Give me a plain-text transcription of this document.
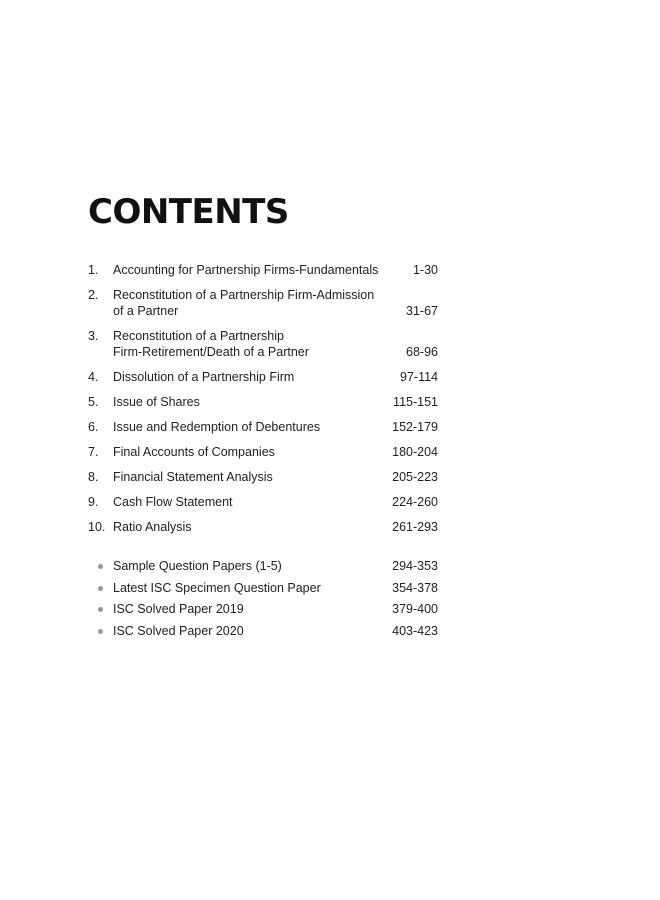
CONTENTS
1.	Accounting for Partnership Firms-Fundamentals	1-30
2.	Reconstitution of a Partnership Firm-Admission
of a Partner	31-67
3.	Reconstitution of a Partnership
Firm-Retirement/Death of a Partner	68-96
4.	Dissolution of a Partnership Firm	97-114
5.	Issue of Shares	115-151
6.	Issue and Redemption of Debentures	152-179
7.	Final Accounts of Companies	180-204
8.	Financial Statement Analysis	205-223
9.	Cash Flow Statement	224-260
10. Ratio Analysis	261-293
Sample Question Papers (1-5)	294-353
Latest ISC Specimen Question Paper	354-378
ISC Solved Paper 2019	379-400
ISC Solved Paper 2020	403-423
